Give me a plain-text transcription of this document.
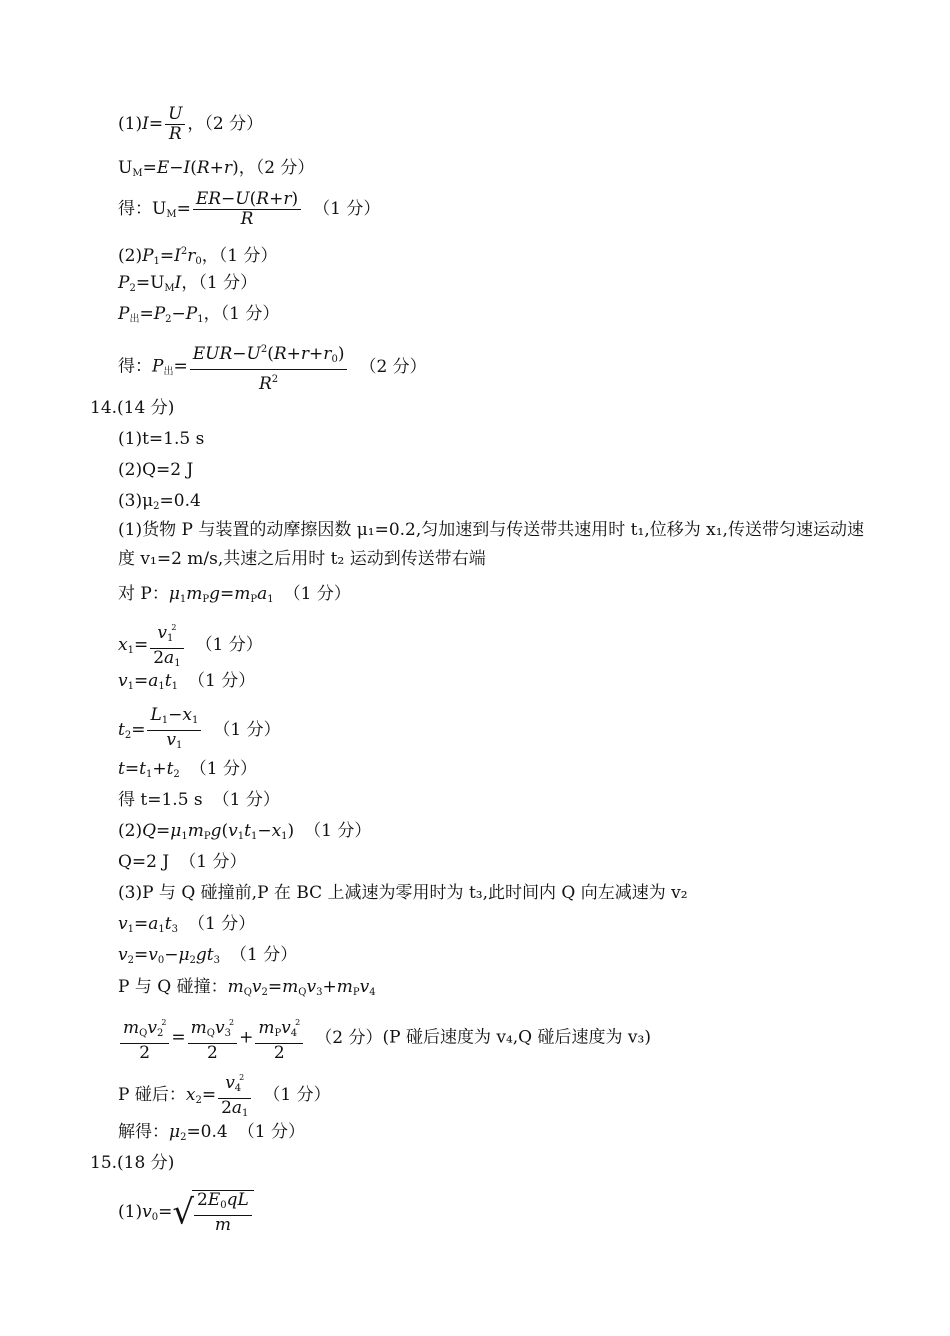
$(1)I= \frac{U}{R}$ ，（2 分）
$U_M=E-I(R+r)$，（2 分）
得：$U_M= \frac{ER-U(R+r)}{R} (1$ 分）
$(2)P_1=I^2r_0$，（1 分）
$P_2=U_MI$，（1 分）
$P_出=P_2-P_1$，（1 分）
得：$P_出= \frac{EUR-U^2(R+r+r_0)}{R^2} (2$ 分）
14.(14 分)
(1)t=1.5 s
(2)Q=2 J
$(3)\mu_2=0.4$
(1)货物 P 与装置的动摩擦因数 μ₁=0.2,匀加速到与传送带共速用时 t₁,位移为 x₁,传送带匀速运动速度 v₁=2 m/s,共速之后用时 t₂ 运动到传送带右端
对 P：$\mu_1m_Pg=m_Pa_1$ （1 分）
$x_1= \frac{v_1^2}{2a_1} (1$ 分）
$v_1=a_1t_1$ （1 分）
$t_2= \frac{L_1-x_1}{v_1} (1$ 分）
$t=t_1+t_2$ （1 分）
得 t=1.5 s （1 分）
$(2)Q=\mu_1m_Pg(v_1t_1-x_1)$ （1 分）
Q=2 J （1 分）
(3)P 与 Q 碰撞前,P 在 BC 上减速为零用时为 t₃,此时间内 Q 向左减速为 v₂
$v_1=a_1t_3$ （1 分）
$v_2=v_0-\mu_2gt_3$ （1 分）
P 与 Q 碰撞：$m_Qv_2=m_Qv_3+m_Pv_4$
$\frac{m_Qv_2^2}{2} = \frac{m_Qv_3^2}{2} + \frac{m_Pv_4^2}{2} (2$ 分）(P 碰后速度为 v₄,Q 碰后速度为 v₃)
P 碰后：$x_2= \frac{v_4^2}{2a_1} (1$ 分）
解得：$\mu_2=0.4$ （1 分）
15.(18 分)
$(1)v_0=√ \frac{2E_0qL}{m}$
